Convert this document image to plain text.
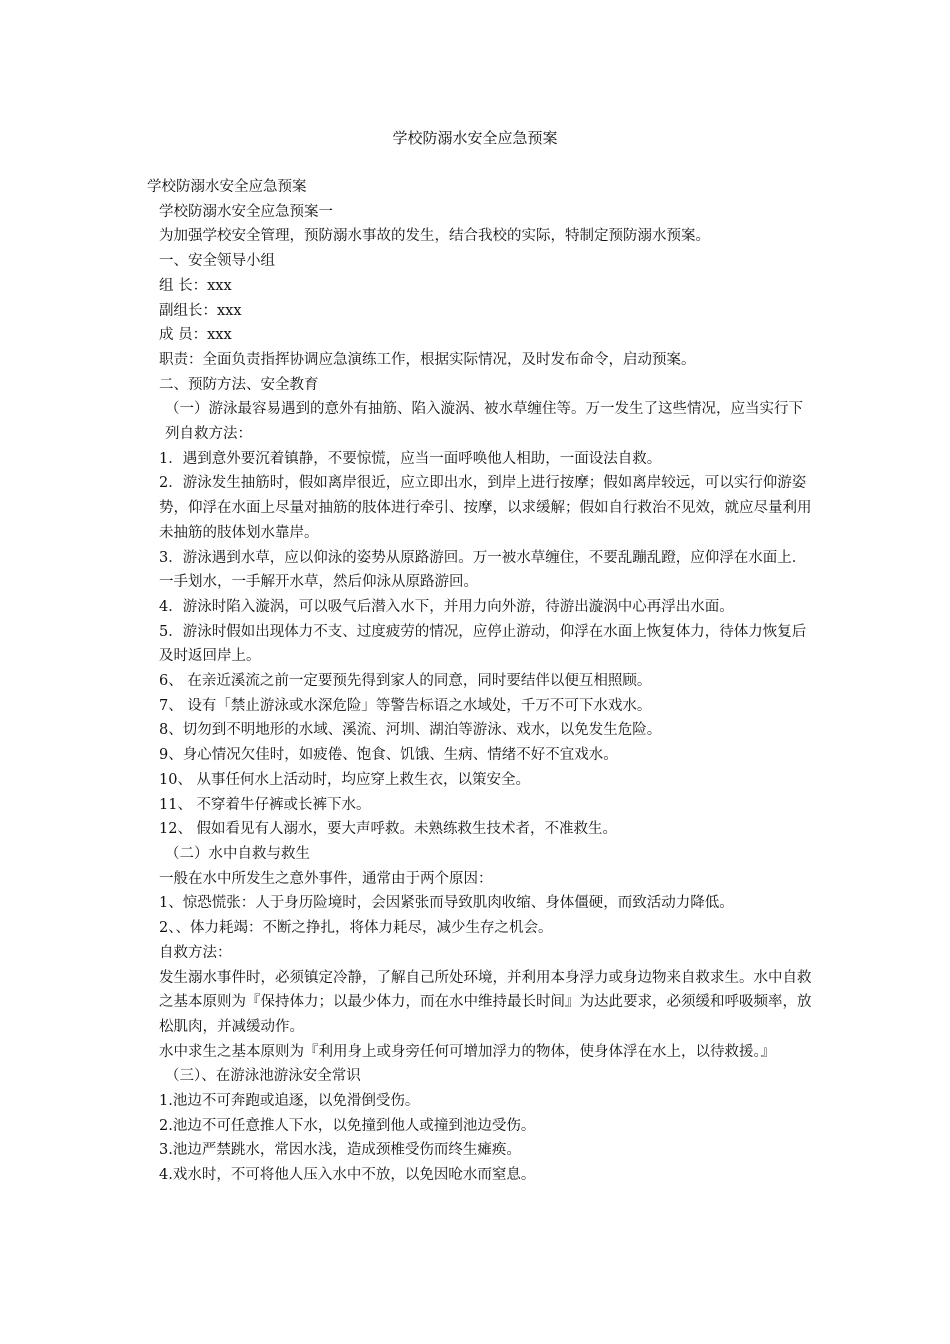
学校防溺水安全应急预案
学校防溺水安全应急预案
学校防溺水安全应急预案一
为加强学校安全管理，预防溺水事故的发生，结合我校的实际，特制定预防溺水预案。
一、安全领导小组
组 长：xxx
副组长：xxx
成 员：xxx
职责：全面负责指挥协调应急演练工作，根据实际情况，及时发布命令，启动预案。
二、预防方法、安全教育
（一）游泳最容易遇到的意外有抽筋、陷入漩涡、被水草缠住等。万一发生了这些情况，应当实行下列自救方法：
1．遇到意外要沉着镇静，不要惊慌，应当一面呼唤他人相助，一面设法自救。
2．游泳发生抽筋时，假如离岸很近，应立即出水，到岸上进行按摩；假如离岸较远，可以实行仰游姿势，仰浮在水面上尽量对抽筋的肢体进行牵引、按摩，以求缓解；假如自行救治不见效，就应尽量利用未抽筋的肢体划水靠岸。
3．游泳遇到水草，应以仰泳的姿势从原路游回。万一被水草缠住，不要乱蹦乱蹬，应仰浮在水面上．一手划水，一手解开水草，然后仰泳从原路游回。
4．游泳时陷入漩涡，可以吸气后潜入水下，并用力向外游，待游出漩涡中心再浮出水面。
5．游泳时假如出现体力不支、过度疲劳的情况，应停止游动，仰浮在水面上恢复体力，待体力恢复后及时返回岸上。
6、 在亲近溪流之前一定要预先得到家人的同意，同时要结伴以便互相照顾。
7、 设有「禁止游泳或水深危险」等警告标语之水域处，千万不可下水戏水。
8、切勿到不明地形的水域、溪流、河圳、湖泊等游泳、戏水，以免发生危险。
9、身心情况欠佳时，如疲倦、饱食、饥饿、生病、情绪不好不宜戏水。
10、 从事任何水上活动时，均应穿上救生衣，以策安全。
11、 不穿着牛仔裤或长裤下水。
12、 假如看见有人溺水，要大声呼救。未熟练救生技术者，不准救生。
（二）水中自救与救生
一般在水中所发生之意外事件，通常由于两个原因：
1、惊恐慌张：人于身历险境时，会因紧张而导致肌肉收缩、身体僵硬，而致活动力降低。
2、、体力耗竭：不断之挣扎，将体力耗尽，减少生存之机会。
自救方法：
发生溺水事件时，必须镇定冷静，了解自己所处环境，并利用本身浮力或身边物来自救求生。水中自救之基本原则为『保持体力；以最少体力，而在水中维持最长时间』为达此要求，必须缓和呼吸频率，放松肌肉，并减缓动作。
水中求生之基本原则为『利用身上或身旁任何可增加浮力的物体，使身体浮在水上，以待救援。』
（三）、在游泳池游泳安全常识
1.池边不可奔跑或追逐，以免滑倒受伤。
2.池边不可任意推人下水，以免撞到他人或撞到池边受伤。
3.池边严禁跳水，常因水浅，造成颈椎受伤而终生瘫痪。
4.戏水时，不可将他人压入水中不放，以免因呛水而窒息。
